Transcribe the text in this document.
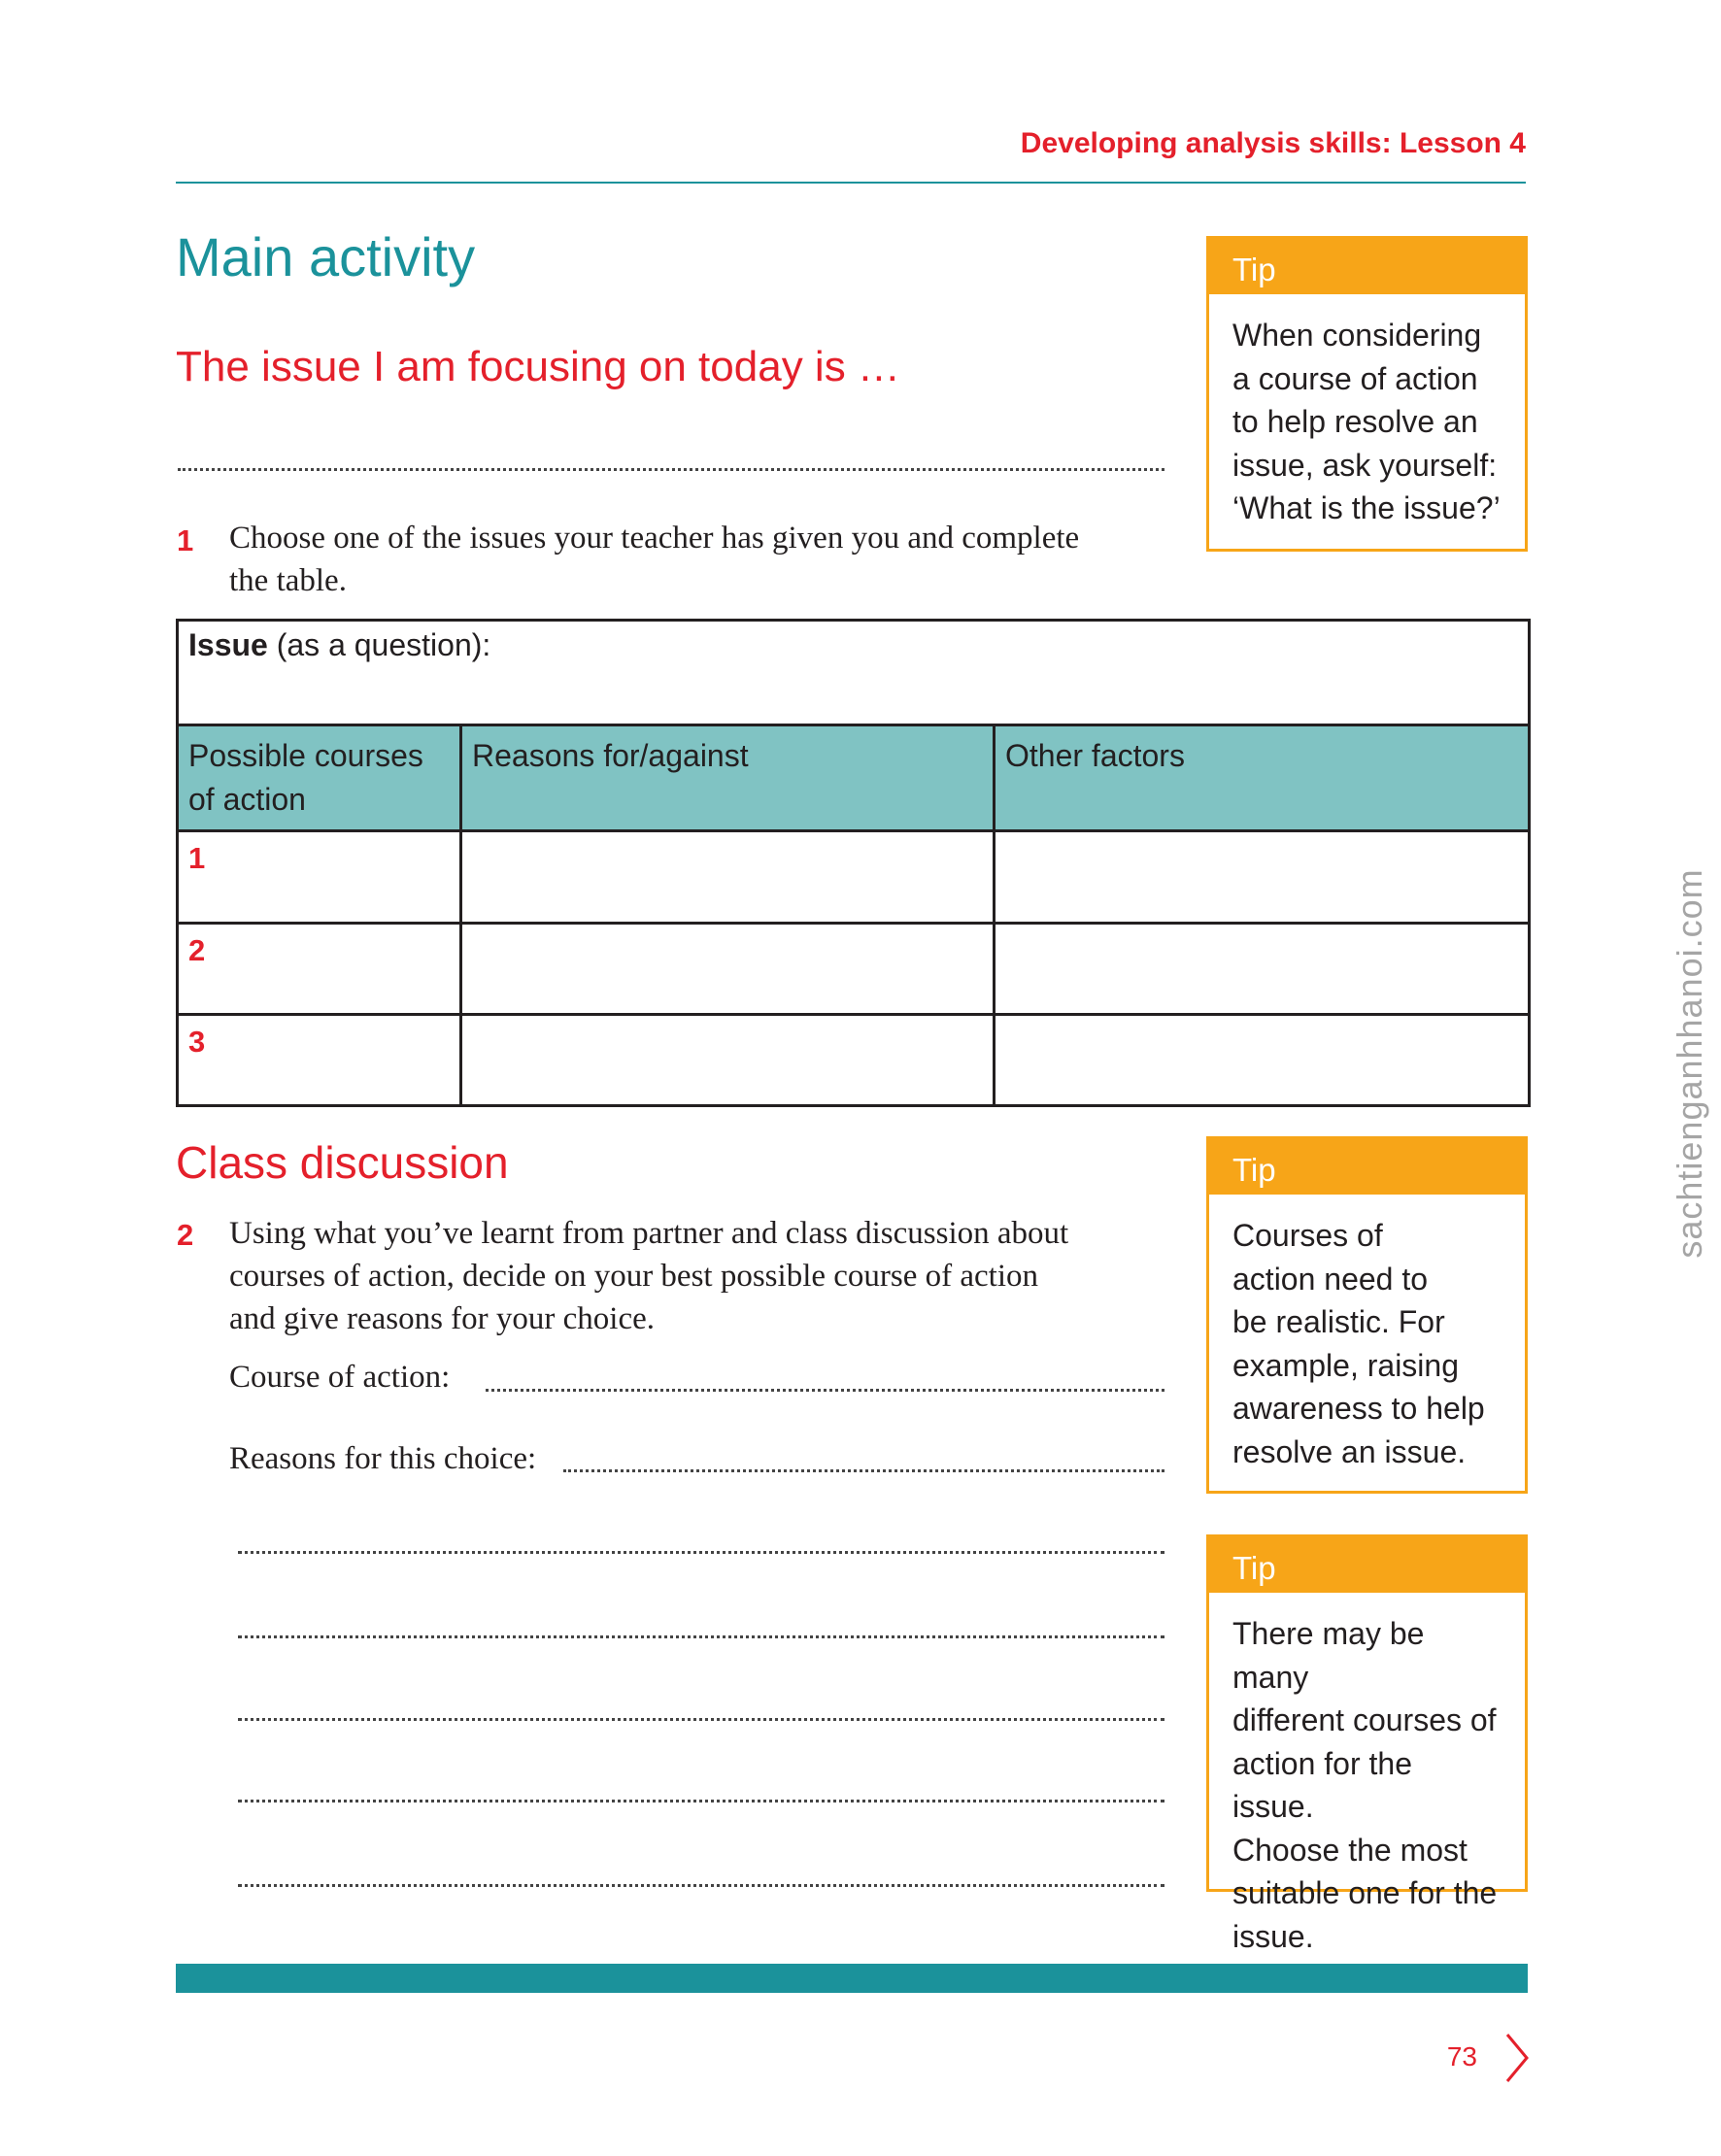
Developing analysis skills: Lesson 4
Main activity
The issue I am focusing on today is …
1 Choose one of the issues your teacher has given you and complete
the table.
Issue (as a question):		
Possible courses of action	Reasons for/against	Other factors
1		
2		
3		
Class discussion
2 Using what you’ve learnt from partner and class discussion about
courses of action, decide on your best possible course of action
and give reasons for your choice.
Course of action:
Reasons for this choice:
Tip
When considering
a course of action
to help resolve an
issue, ask yourself:
‘What is the issue?’
Tip
Courses of
action need to
be realistic. For
example, raising
awareness to help
resolve an issue.
Tip
There may be many
different courses of
action for the issue.
Choose the most
suitable one for the
issue.
73
sachtienganhhanoi.com
